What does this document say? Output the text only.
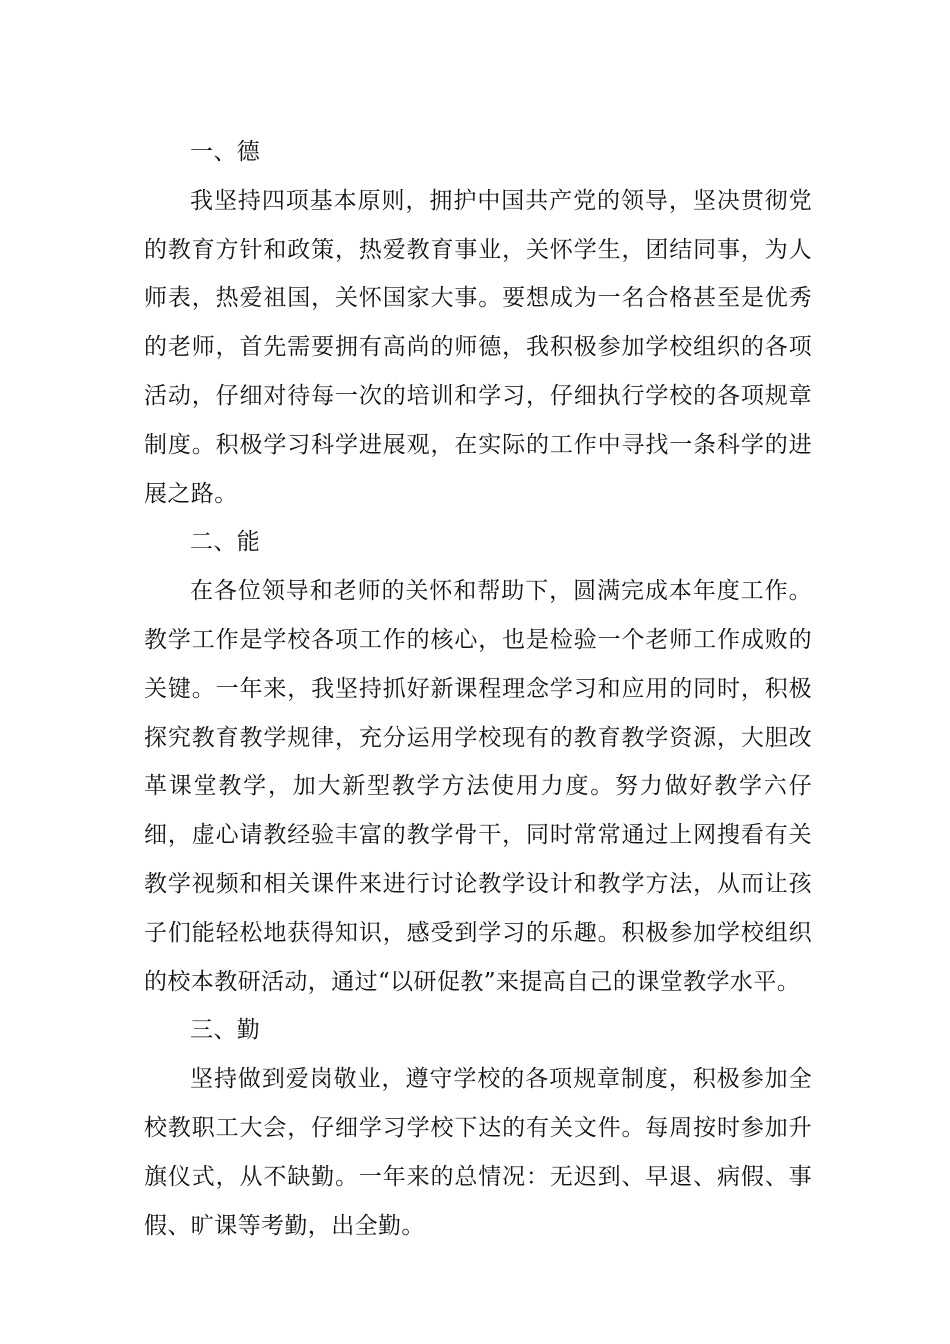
一、德

我坚持四项基本原则，拥护中国共产党的领导，坚决贯彻党的教育方针和政策，热爱教育事业，关怀学生，团结同事，为人师表，热爱祖国，关怀国家大事。要想成为一名合格甚至是优秀的老师，首先需要拥有高尚的师德，我积极参加学校组织的各项活动，仔细对待每一次的培训和学习，仔细执行学校的各项规章制度。积极学习科学进展观，在实际的工作中寻找一条科学的进展之路。

二、能

在各位领导和老师的关怀和帮助下，圆满完成本年度工作。教学工作是学校各项工作的核心，也是检验一个老师工作成败的关键。一年来，我坚持抓好新课程理念学习和应用的同时，积极探究教育教学规律，充分运用学校现有的教育教学资源，大胆改革课堂教学，加大新型教学方法使用力度。努力做好教学六仔细，虚心请教经验丰富的教学骨干，同时常常通过上网搜看有关教学视频和相关课件来进行讨论教学设计和教学方法，从而让孩子们能轻松地获得知识，感受到学习的乐趣。积极参加学校组织的校本教研活动，通过“以研促教”来提高自己的课堂教学水平。

三、勤

坚持做到爱岗敬业，遵守学校的各项规章制度，积极参加全校教职工大会，仔细学习学校下达的有关文件。每周按时参加升旗仪式，从不缺勤。一年来的总情况：无迟到、早退、病假、事假、旷课等考勤，出全勤。
